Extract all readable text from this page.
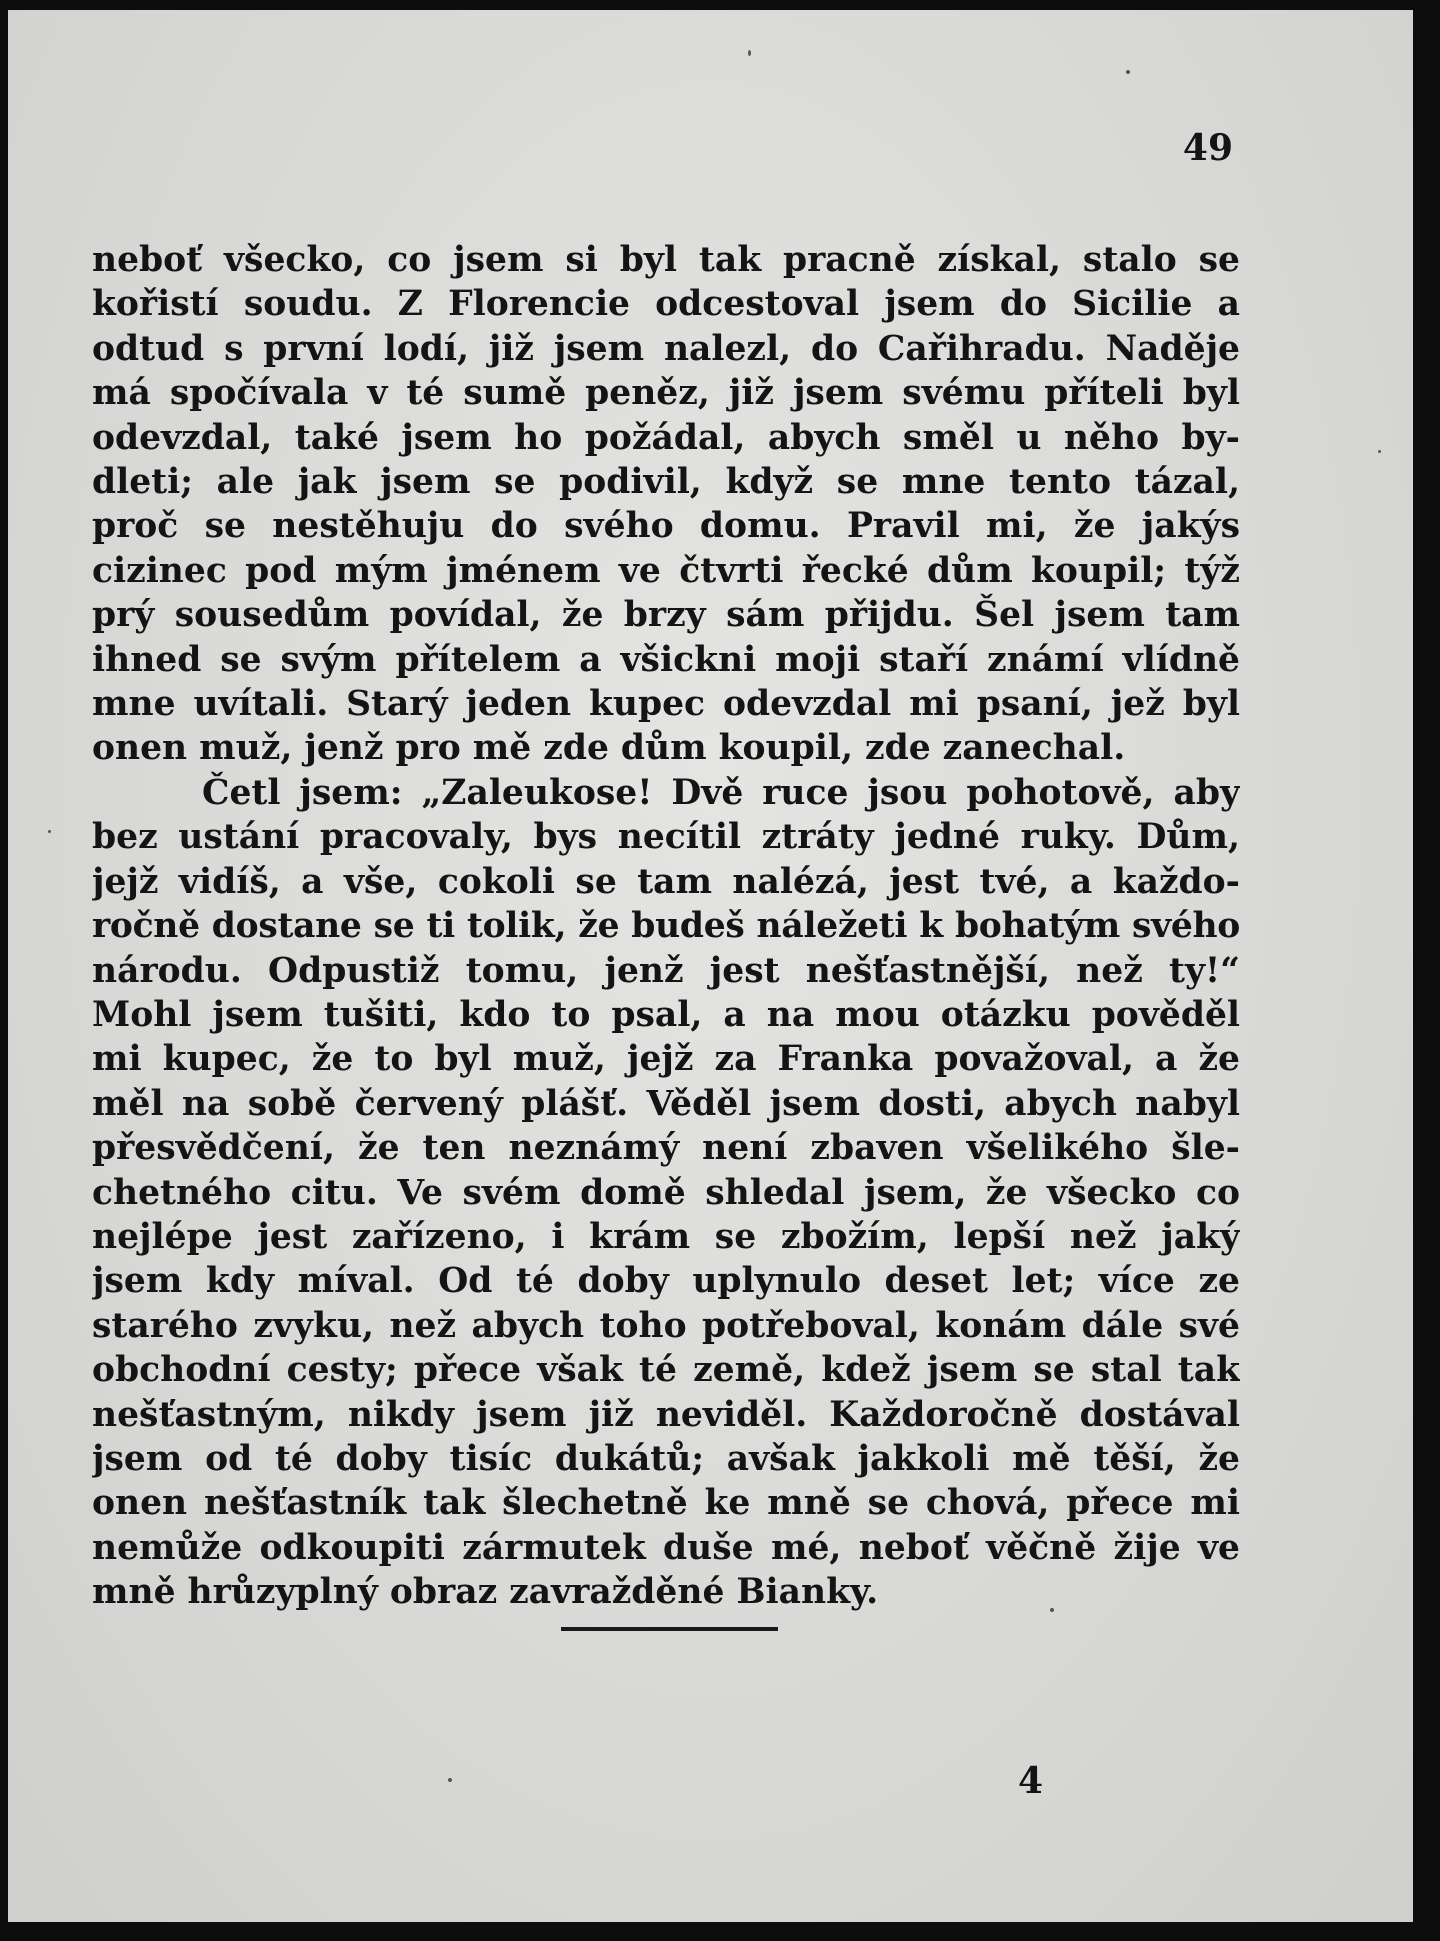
49
neboť všecko, co jsem si byl tak pracně získal, stalo se
kořistí soudu. Z Florencie odcestoval jsem do Sicilie a
odtud s první lodí, již jsem nalezl, do Cařihradu. Naděje
má spočívala v té sumě peněz, již jsem svému příteli byl
odevzdal, také jsem ho požádal, abych směl u něho by-
dleti; ale jak jsem se podivil, když se mne tento tázal,
proč se nestěhuju do svého domu. Pravil mi, že jakýs
cizinec pod mým jménem ve čtvrti řecké dům koupil; týž
prý sousedům povídal, že brzy sám přijdu. Šel jsem tam
ihned se svým přítelem a všickni moji staří známí vlídně
mne uvítali. Starý jeden kupec odevzdal mi psaní, jež byl
onen muž, jenž pro mě zde dům koupil, zde zanechal.
Četl jsem: „Zaleukose! Dvě ruce jsou pohotově, aby
bez ustání pracovaly, bys necítil ztráty jedné ruky. Dům,
jejž vidíš, a vše, cokoli se tam nalézá, jest tvé, a každo-
ročně dostane se ti tolik, že budeš náležeti k bohatým svého
národu. Odpustiž tomu, jenž jest nešťastnější, než ty!“
Mohl jsem tušiti, kdo to psal, a na mou otázku pověděl
mi kupec, že to byl muž, jejž za Franka považoval, a že
měl na sobě červený plášť. Věděl jsem dosti, abych nabyl
přesvědčení, že ten neznámý není zbaven všelikého šle-
chetného citu. Ve svém domě shledal jsem, že všecko co
nejlépe jest zařízeno, i krám se zbožím, lepší než jaký
jsem kdy míval. Od té doby uplynulo deset let; více ze
starého zvyku, než abych toho potřeboval, konám dále své
obchodní cesty; přece však té země, kdež jsem se stal tak
nešťastným, nikdy jsem již neviděl. Každoročně dostával
jsem od té doby tisíc dukátů; avšak jakkoli mě těší, že
onen nešťastník tak šlechetně ke mně se chová, přece mi
nemůže odkoupiti zármutek duše mé, neboť věčně žije ve
mně hrůzyplný obraz zavražděné Bianky.
4
